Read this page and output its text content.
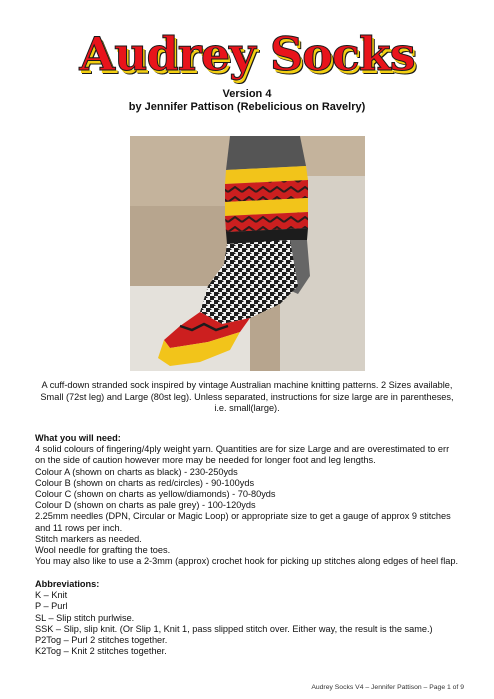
Audrey Socks
Version 4
by Jennifer Pattison (Rebelicious on Ravelry)
A cuff-down stranded sock inspired by vintage Australian machine knitting patterns. 2 Sizes available,
Small (72st leg) and Large (80st leg). Unless separated, instructions for size large are in parentheses,
i.e. small(large).
What you will need:
4 solid colours of fingering/4ply weight yarn. Quantities are for size Large and are overestimated to err
on the side of caution however more may be needed for longer foot and leg lengths.
Colour A (shown on charts as black) - 230-250yds
Colour B (shown on charts as red/circles) - 90-100yds
Colour C (shown on charts as yellow/diamonds) - 70-80yds
Colour D (shown on charts as pale grey) - 100-120yds
2.25mm needles (DPN, Circular or Magic Loop) or appropriate size to get a gauge of approx 9 stitches
and 11 rows per inch.
Stitch markers as needed.
Wool needle for grafting the toes.
You may also like to use a 2-3mm (approx) crochet hook for picking up stitches along edges of heel flap.
Abbreviations:
K – Knit
P – Purl
SL – Slip stitch purlwise.
SSK – Slip, slip knit. (Or Slip 1, Knit 1, pass slipped stitch over. Either way, the result is the same.)
P2Tog – Purl 2 stitches together.
K2Tog – Knit 2 stitches together.
Audrey Socks V4 – Jennifer Pattison – Page 1 of 9
